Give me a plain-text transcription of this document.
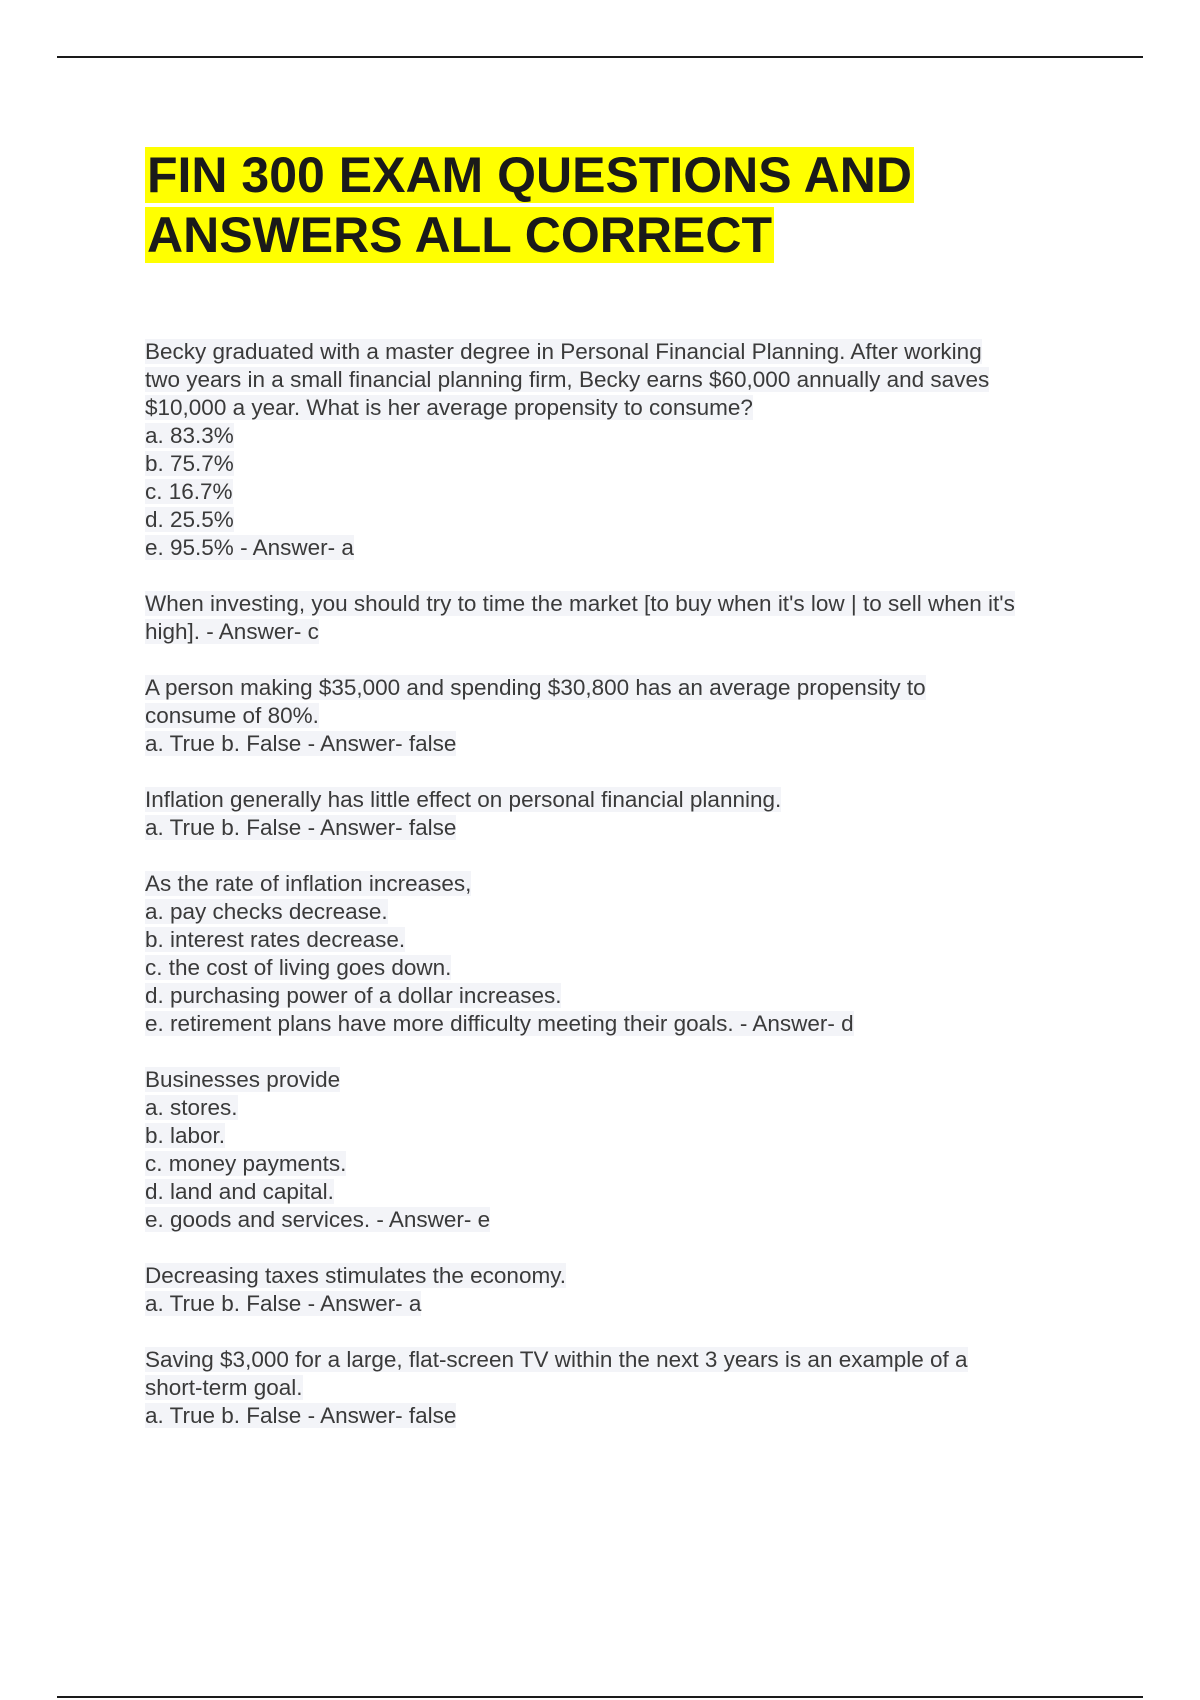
FIN 300 EXAM QUESTIONS AND
ANSWERS ALL CORRECT
Becky graduated with a master degree in Personal Financial Planning. After working
two years in a small financial planning firm, Becky earns $60,000 annually and saves
$10,000 a year. What is her average propensity to consume?
a. 83.3%
b. 75.7%
c. 16.7%
d. 25.5%
e. 95.5% - Answer- a
When investing, you should try to time the market [to buy when it's low | to sell when it's
high]. - Answer- c
A person making $35,000 and spending $30,800 has an average propensity to
consume of 80%.
a. True b. False - Answer- false
Inflation generally has little effect on personal financial planning.
a. True b. False - Answer- false
As the rate of inflation increases,
a. pay checks decrease.
b. interest rates decrease.
c. the cost of living goes down.
d. purchasing power of a dollar increases.
e. retirement plans have more difficulty meeting their goals. - Answer- d
Businesses provide
a. stores.
b. labor.
c. money payments.
d. land and capital.
e. goods and services. - Answer- e
Decreasing taxes stimulates the economy.
a. True b. False - Answer- a
Saving $3,000 for a large, flat-screen TV within the next 3 years is an example of a
short-term goal.
a. True b. False - Answer- false
